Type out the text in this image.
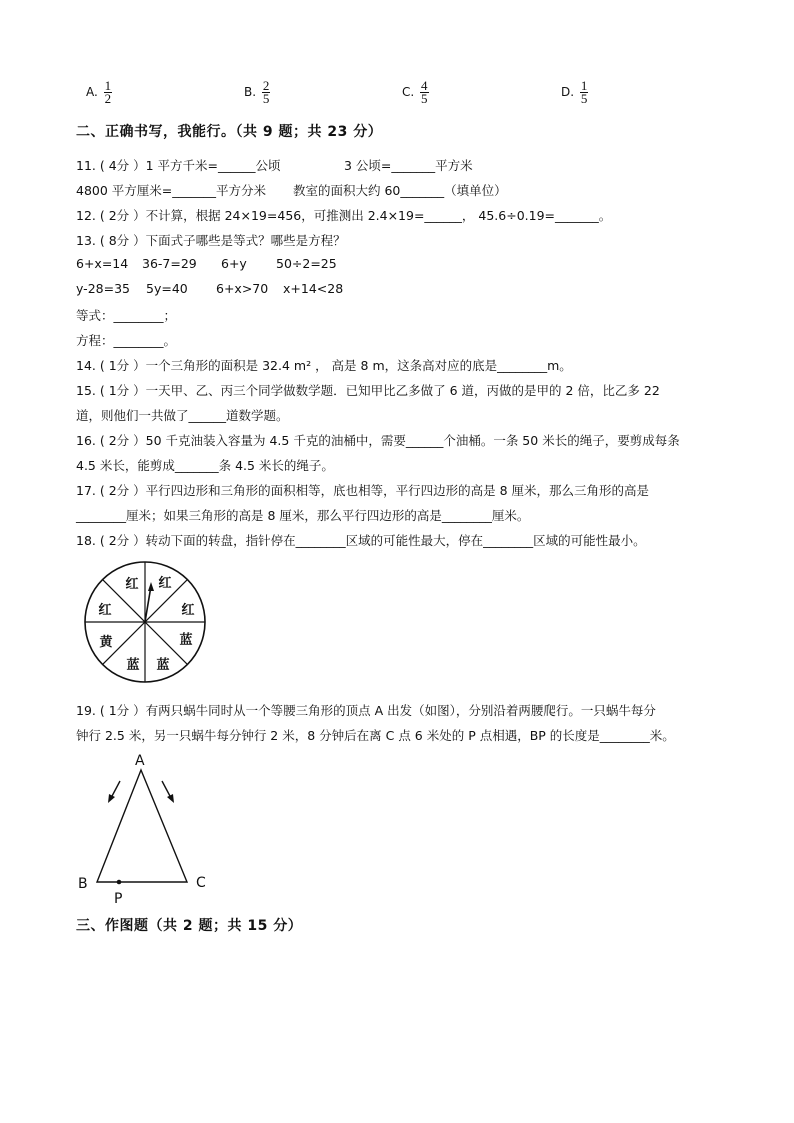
A. $\frac{1}{2}$	B. $\frac{2}{5}$	C. $\frac{4}{5}$	D. $\frac{1}{5}$
二、正确书写，我能行。（共 9 题；共 23 分）
11. ( 4分 ）1 平方千米=______公顷	3 公顷=_______平方米
4800 平方厘米=_______平方分米 教室的面积大约 60_______（填单位）
12. ( 2分 ）不计算，根据 24×19=456，可推测出 2.4×19=______， 45.6÷0.19=_______。
13. ( 8分 ）下面式子哪些是等式？哪些是方程？
6+x=14 36-7=29 6+y 50÷2=25
y-28=35 5y=40 6+x>70 x+14<28
等式：________；
方程：________。
14. ( 1分 ）一个三角形的面积是 32.4 m² ， 高是 8 m，这条高对应的底是________m。
15. ( 1分 ）一天甲、乙、丙三个同学做数学题．已知甲比乙多做了 6 道，丙做的是甲的 2 倍，比乙多 22
道，则他们一共做了______道数学题。
16. ( 2分 ）50 千克油装入容量为 4.5 千克的油桶中，需要______个油桶。一条 50 米长的绳子，要剪成每条
4.5 米长，能剪成_______条 4.5 米长的绳子。
17. ( 2分 ）平行四边形和三角形的面积相等，底也相等，平行四边形的高是 8 厘米，那么三角形的高是
________厘米；如果三角形的高是 8 厘米，那么平行四边形的高是________厘米。
18. ( 2分 ）转动下面的转盘，指针停在________区域的可能性最大，停在________区域的可能性最小。
红 红
红
蓝
蓝
蓝
黄
红
19. ( 1分 ）有两只蜗牛同时从一个等腰三角形的顶点 A 出发（如图），分别沿着两腰爬行。一只蜗牛每分
钟行 2.5 米，另一只蜗牛每分钟行 2 米，8 分钟后在离 C 点 6 米处的 P 点相遇，BP 的长度是________米。
A
B	C
P
三、作图题（共 2 题；共 15 分）
